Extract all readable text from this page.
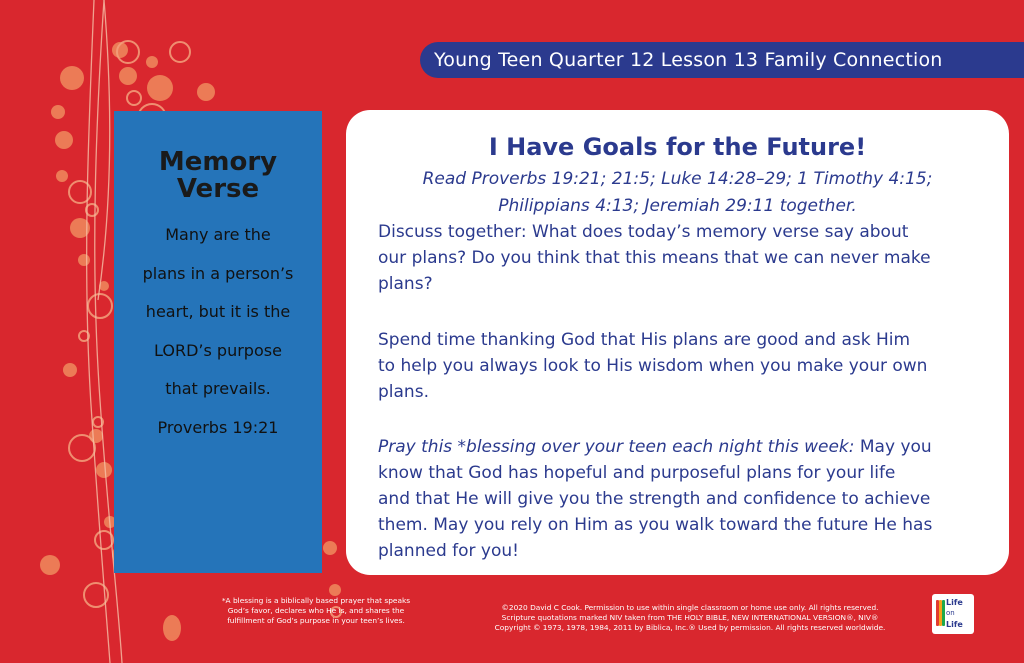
Young Teen Quarter 12 Lesson 13 Family Connection
Memory
Verse
Many are the
plans in a person’s
heart, but it is the
LORD’s purpose
that prevails.
Proverbs 19:21
I Have Goals for the Future!
Read Proverbs 19:21; 21:5; Luke 14:28–29; 1 Timothy 4:15;
Philippians 4:13; Jeremiah 29:11 together.
Discuss together: What does today’s memory verse say about
our plans? Do you think that this means that we can never make
plans?
Spend time thanking God that His plans are good and ask Him
to help you always look to His wisdom when you make your own
plans.
Pray this *blessing over your teen each night this week: May you
know that God has hopeful and purposeful plans for your life
and that He will give you the strength and confidence to achieve
them. May you rely on Him as you walk toward the future He has
planned for you!
*A blessing is a biblically based prayer that speaks
God’s favor, declares who He is, and shares the
fulfillment of God’s purpose in your teen’s lives.
©2020 David C Cook. Permission to use within single classroom or home use only. All rights reserved.
Scripture quotations marked NIV taken from THE HOLY BIBLE, NEW INTERNATIONAL VERSION®, NIV®
Copyright © 1973, 1978, 1984, 2011 by Biblica, Inc.® Used by permission. All rights reserved worldwide.
Life
on
Life
